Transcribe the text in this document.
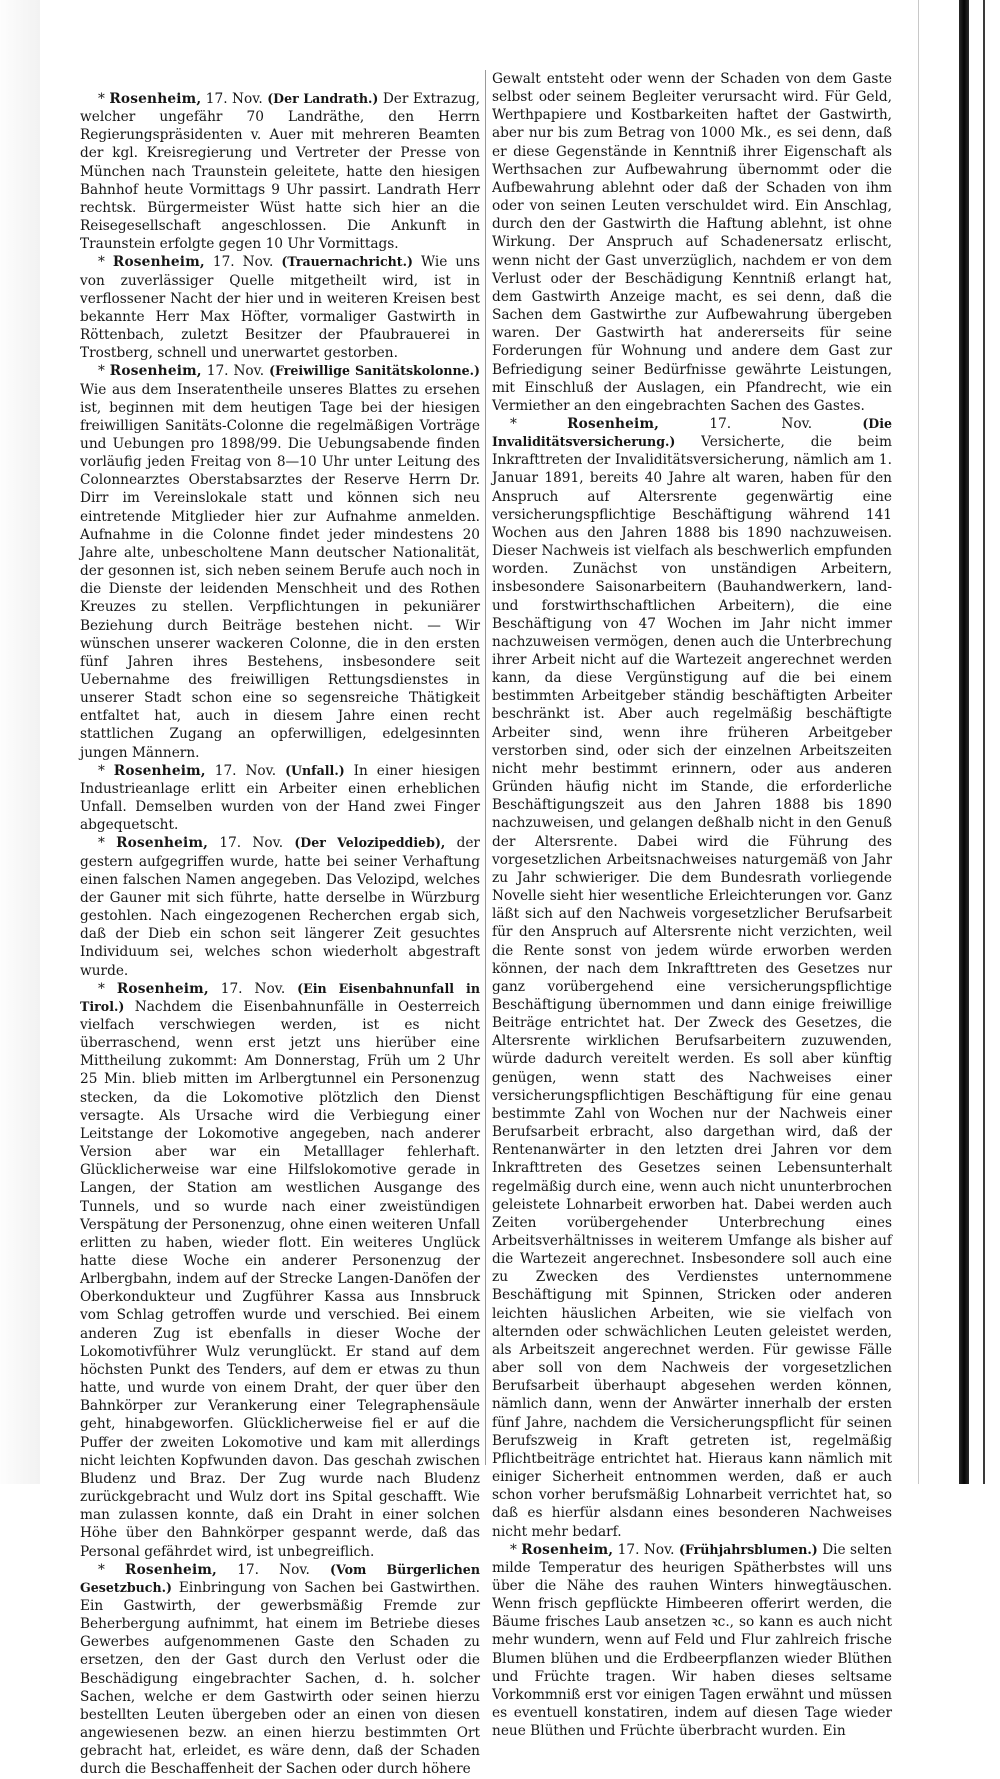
* Rosenheim, 17. Nov. (Der Landrath.) Der Extrazug, welcher ungefähr 70 Landräthe, den Herrn Regierungspräsidenten v. Auer mit mehreren Beamten der kgl. Kreisregierung und Vertreter der Presse von München nach Traunstein geleitete, hatte den hiesigen Bahnhof heute Vormittags 9 Uhr passirt. Landrath Herr rechtsk. Bürgermeister Wüst hatte sich hier an die Reisegesellschaft angeschlossen. Die Ankunft in Traunstein erfolgte gegen 10 Uhr Vormittags.

* Rosenheim, 17. Nov. (Trauernachricht.) Wie uns von zuverlässiger Quelle mitgetheilt wird, ist in verflossener Nacht der hier und in weiteren Kreisen best bekannte Herr Max Höfter, vormaliger Gastwirth in Röttenbach, zuletzt Besitzer der Pfaubrauerei in Trostberg, schnell und unerwartet gestorben.

* Rosenheim, 17. Nov. (Freiwillige Sanitätskolonne.) Wie aus dem Inseratentheile unseres Blattes zu ersehen ist, beginnen mit dem heutigen Tage bei der hiesigen freiwilligen Sanitäts-Colonne die regelmäßigen Vorträge und Uebungen pro 1898/99. Die Uebungsabende finden vorläufig jeden Freitag von 8—10 Uhr unter Leitung des Colonnearztes Oberstabsarztes der Reserve Herrn Dr. Dirr im Vereinslokale statt und können sich neu eintretende Mitglieder hier zur Aufnahme anmelden. Aufnahme in die Colonne findet jeder mindestens 20 Jahre alte, unbescholtene Mann deutscher Nationalität, der gesonnen ist, sich neben seinem Berufe auch noch in die Dienste der leidenden Menschheit und des Rothen Kreuzes zu stellen. Verpflichtungen in pekuniärer Beziehung durch Beiträge bestehen nicht. — Wir wünschen unserer wackeren Colonne, die in den ersten fünf Jahren ihres Bestehens, insbesondere seit Uebernahme des freiwilligen Rettungsdienstes in unserer Stadt schon eine so segensreiche Thätigkeit entfaltet hat, auch in diesem Jahre einen recht stattlichen Zugang an opferwilligen, edelgesinnten jungen Männern.

* Rosenheim, 17. Nov. (Unfall.) In einer hiesigen Industrieanlage erlitt ein Arbeiter einen erheblichen Unfall. Demselben wurden von der Hand zwei Finger abgequetscht.

* Rosenheim, 17. Nov. (Der Velozipeddieb), der gestern aufgegriffen wurde, hatte bei seiner Verhaftung einen falschen Namen angegeben. Das Velozipd, welches der Gauner mit sich führte, hatte derselbe in Würzburg gestohlen. Nach eingezogenen Recherchen ergab sich, daß der Dieb ein schon seit längerer Zeit gesuchtes Individuum sei, welches schon wiederholt abgestraft wurde.

* Rosenheim, 17. Nov. (Ein Eisenbahnunfall in Tirol.) Nachdem die Eisenbahnunfälle in Oesterreich vielfach verschwiegen werden, ist es nicht überraschend, wenn erst jetzt uns hierüber eine Mittheilung zukommt: Am Donnerstag, Früh um 2 Uhr 25 Min. blieb mitten im Arlbergtunnel ein Personenzug stecken, da die Lokomotive plötzlich den Dienst versagte. Als Ursache wird die Verbiegung einer Leitstange der Lokomotive angegeben, nach anderer Version aber war ein Metalllager fehlerhaft. Glücklicherweise war eine Hilfslokomotive gerade in Langen, der Station am westlichen Ausgange des Tunnels, und so wurde nach einer zweistündigen Verspätung der Personenzug, ohne einen weiteren Unfall erlitten zu haben, wieder flott. Ein weiteres Unglück hatte diese Woche ein anderer Personenzug der Arlbergbahn, indem auf der Strecke Langen-Danöfen der Oberkondukteur und Zugführer Kassa aus Innsbruck vom Schlag getroffen wurde und verschied. Bei einem anderen Zug ist ebenfalls in dieser Woche der Lokomotivführer Wulz verunglückt. Er stand auf dem höchsten Punkt des Tenders, auf dem er etwas zu thun hatte, und wurde von einem Draht, der quer über den Bahnkörper zur Verankerung einer Telegraphensäule geht, hinabgeworfen. Glücklicherweise fiel er auf die Puffer der zweiten Lokomotive und kam mit allerdings nicht leichten Kopfwunden davon. Das geschah zwischen Bludenz und Braz. Der Zug wurde nach Bludenz zurückgebracht und Wulz dort ins Spital geschafft. Wie man zulassen konnte, daß ein Draht in einer solchen Höhe über den Bahnkörper gespannt werde, daß das Personal gefährdet wird, ist unbegreiflich.

* Rosenheim, 17. Nov. (Vom Bürgerlichen Gesetzbuch.) Einbringung von Sachen bei Gastwirthen. Ein Gastwirth, der gewerbsmäßig Fremde zur Beherbergung aufnimmt, hat einem im Betriebe dieses Gewerbes aufgenommenen Gaste den Schaden zu ersetzen, den der Gast durch den Verlust oder die Beschädigung eingebrachter Sachen, d. h. solcher Sachen, welche er dem Gastwirth oder seinen hierzu bestellten Leuten übergeben oder an einen von diesen angewiesenen bezw. an einen hierzu bestimmten Ort gebracht hat, erleidet, es wäre denn, daß der Schaden durch die Beschaffenheit der Sachen oder durch höhere

Gewalt entsteht oder wenn der Schaden von dem Gaste selbst oder seinem Begleiter verursacht wird. Für Geld, Werthpapiere und Kostbarkeiten haftet der Gastwirth, aber nur bis zum Betrag von 1000 Mk., es sei denn, daß er diese Gegenstände in Kenntniß ihrer Eigenschaft als Werthsachen zur Aufbewahrung übernommt oder die Aufbewahrung ablehnt oder daß der Schaden von ihm oder von seinen Leuten verschuldet wird. Ein Anschlag, durch den der Gastwirth die Haftung ablehnt, ist ohne Wirkung. Der Anspruch auf Schadenersatz erlischt, wenn nicht der Gast unverzüglich, nachdem er von dem Verlust oder der Beschädigung Kenntniß erlangt hat, dem Gastwirth Anzeige macht, es sei denn, daß die Sachen dem Gastwirthe zur Aufbewahrung übergeben waren. Der Gastwirth hat andererseits für seine Forderungen für Wohnung und andere dem Gast zur Befriedigung seiner Bedürfnisse gewährte Leistungen, mit Einschluß der Auslagen, ein Pfandrecht, wie ein Vermiether an den eingebrachten Sachen des Gastes.

*	Rosenheim,	17. Nov.	(Die Invaliditätsversicherung.) Versicherte, die beim Inkrafttreten der Invaliditätsversicherung, nämlich am 1. Januar 1891, bereits 40 Jahre alt waren, haben für den Anspruch auf Altersrente gegenwärtig eine versicherungspflichtige Beschäftigung während 141 Wochen aus den Jahren 1888 bis 1890 nachzuweisen. Dieser Nachweis ist vielfach als beschwerlich empfunden worden. Zunächst von unständigen Arbeitern, insbesondere Saisonarbeitern (Bauhandwerkern, land- und forstwirthschaftlichen Arbeitern), die eine Beschäftigung von 47 Wochen im Jahr nicht immer nachzuweisen vermögen, denen auch die Unterbrechung ihrer Arbeit nicht auf die Wartezeit angerechnet werden kann, da diese Vergünstigung auf die bei einem bestimmten Arbeitgeber ständig beschäftigten Arbeiter beschränkt ist. Aber auch regelmäßig beschäftigte Arbeiter sind, wenn ihre früheren Arbeitgeber verstorben sind, oder sich der einzelnen Arbeitszeiten nicht mehr bestimmt erinnern, oder aus anderen Gründen häufig nicht im Stande, die erforderliche Beschäftigungszeit aus den Jahren 1888 bis 1890 nachzuweisen, und gelangen deßhalb nicht in den Genuß der Altersrente. Dabei wird die Führung des vorgesetzlichen Arbeitsnachweises naturgemäß von Jahr zu Jahr schwieriger. Die dem Bundesrath vorliegende Novelle sieht hier wesentliche Erleichterungen vor. Ganz läßt sich auf den Nachweis vorgesetzlicher Berufsarbeit für den Anspruch auf Altersrente nicht verzichten, weil die Rente sonst von jedem würde erworben werden können, der nach dem Inkrafttreten des Gesetzes nur ganz vorübergehend eine versicherungspflichtige Beschäftigung übernommen und dann einige freiwillige Beiträge entrichtet hat. Der Zweck des Gesetzes, die Altersrente wirklichen Berufsarbeitern zuzuwenden, würde dadurch vereitelt werden. Es soll aber künftig genügen, wenn statt des Nachweises einer versicherungspflichtigen Beschäftigung für eine genau bestimmte Zahl von Wochen nur der Nachweis einer Berufsarbeit erbracht, also dargethan wird, daß der Rentenanwärter in den letzten drei Jahren vor dem Inkrafttreten des Gesetzes seinen Lebensunterhalt regelmäßig durch eine, wenn auch nicht ununterbrochen geleistete Lohnarbeit erworben hat. Dabei werden auch Zeiten vorübergehender Unterbrechung eines Arbeitsverhältnisses in weiterem Umfange als bisher auf die Wartezeit angerechnet. Insbesondere soll auch eine zu Zwecken des Verdienstes unternommene Beschäftigung mit Spinnen, Stricken oder anderen leichten häuslichen Arbeiten, wie sie vielfach von alternden oder schwächlichen Leuten geleistet werden, als Arbeitszeit angerechnet werden. Für gewisse Fälle aber soll von dem Nachweis der vorgesetzlichen Berufsarbeit überhaupt abgesehen werden können, nämlich dann, wenn der Anwärter innerhalb der ersten fünf Jahre, nachdem die Versicherungspflicht für seinen Berufszweig in Kraft getreten ist, regelmäßig Pflichtbeiträge entrichtet hat. Hieraus kann nämlich mit einiger Sicherheit entnommen werden, daß er auch schon vorher berufsmäßig Lohnarbeit verrichtet hat, so daß es hierfür alsdann eines besonderen Nachweises nicht mehr bedarf.

* Rosenheim, 17. Nov. (Frühjahrsblumen.) Die selten milde Temperatur des heurigen Spätherbstes will uns über die Nähe des rauhen Winters hinwegtäuschen. Wenn frisch gepflückte Himbeeren offerirt werden, die Bäume frisches Laub ansetzen ꝛc., so kann es auch nicht mehr wundern, wenn auf Feld und Flur zahlreich frische Blumen blühen und die Erdbeerpflanzen wieder Blüthen und Früchte tragen. Wir haben dieses seltsame Vorkommniß erst vor einigen Tagen erwähnt und müssen es eventuell konstatiren, indem auf diesen Tage wieder neue Blüthen und Früchte überbracht wurden. Ein
